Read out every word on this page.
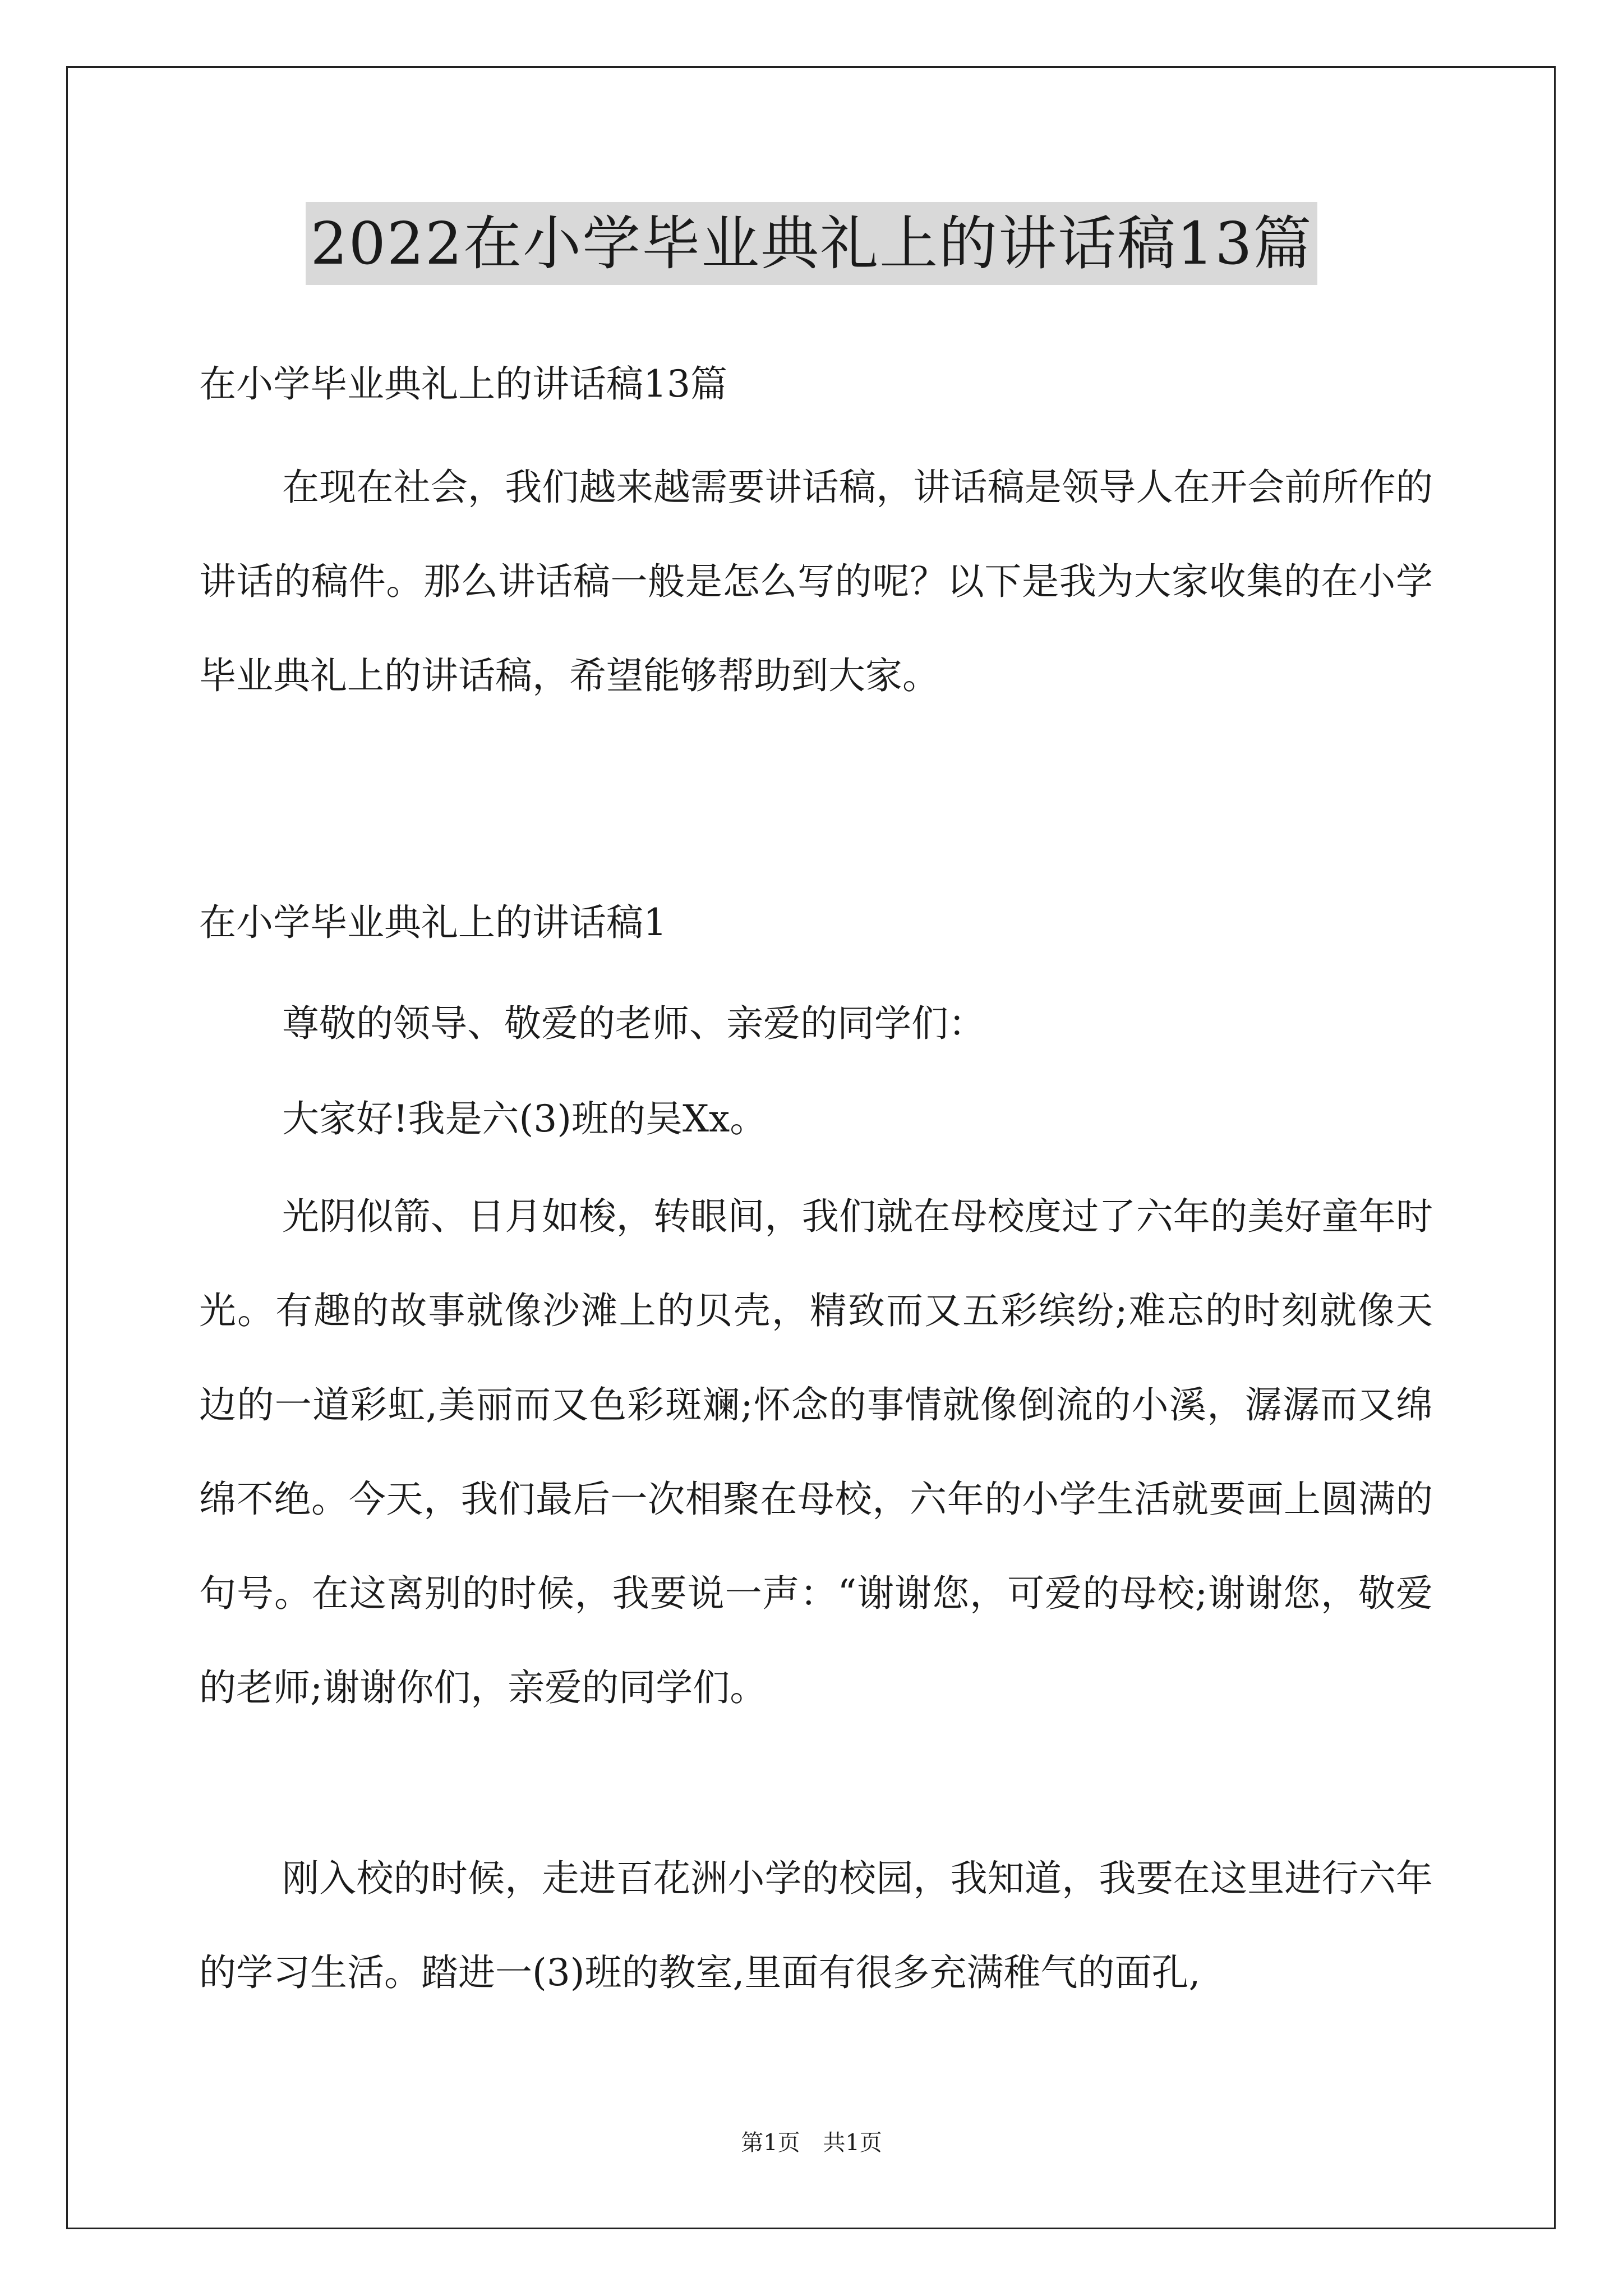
2022在小学毕业典礼上的讲话稿13篇
在小学毕业典礼上的讲话稿13篇
在现在社会，我们越来越需要讲话稿，讲话稿是领导人在开会前所作的讲话的稿件。那么讲话稿一般是怎么写的呢？以下是我为大家收集的在小学毕业典礼上的讲话稿，希望能够帮助到大家。
在小学毕业典礼上的讲话稿1
尊敬的领导、敬爱的老师、亲爱的同学们：
大家好!我是六(3)班的吴Xx。
光阴似箭、日月如梭，转眼间，我们就在母校度过了六年的美好童年时光。有趣的故事就像沙滩上的贝壳，精致而又五彩缤纷;难忘的时刻就像天边的一道彩虹,美丽而又色彩斑斓;怀念的事情就像倒流的小溪，潺潺而又绵绵不绝。今天，我们最后一次相聚在母校，六年的小学生活就要画上圆满的句号。在这离别的时候，我要说一声：“谢谢您，可爱的母校;谢谢您，敬爱的老师;谢谢你们，亲爱的同学们。
刚入校的时候，走进百花洲小学的校园，我知道，我要在这里进行六年的学习生活。踏进一(3)班的教室,里面有很多充满稚气的面孔,
第1页 共1页
